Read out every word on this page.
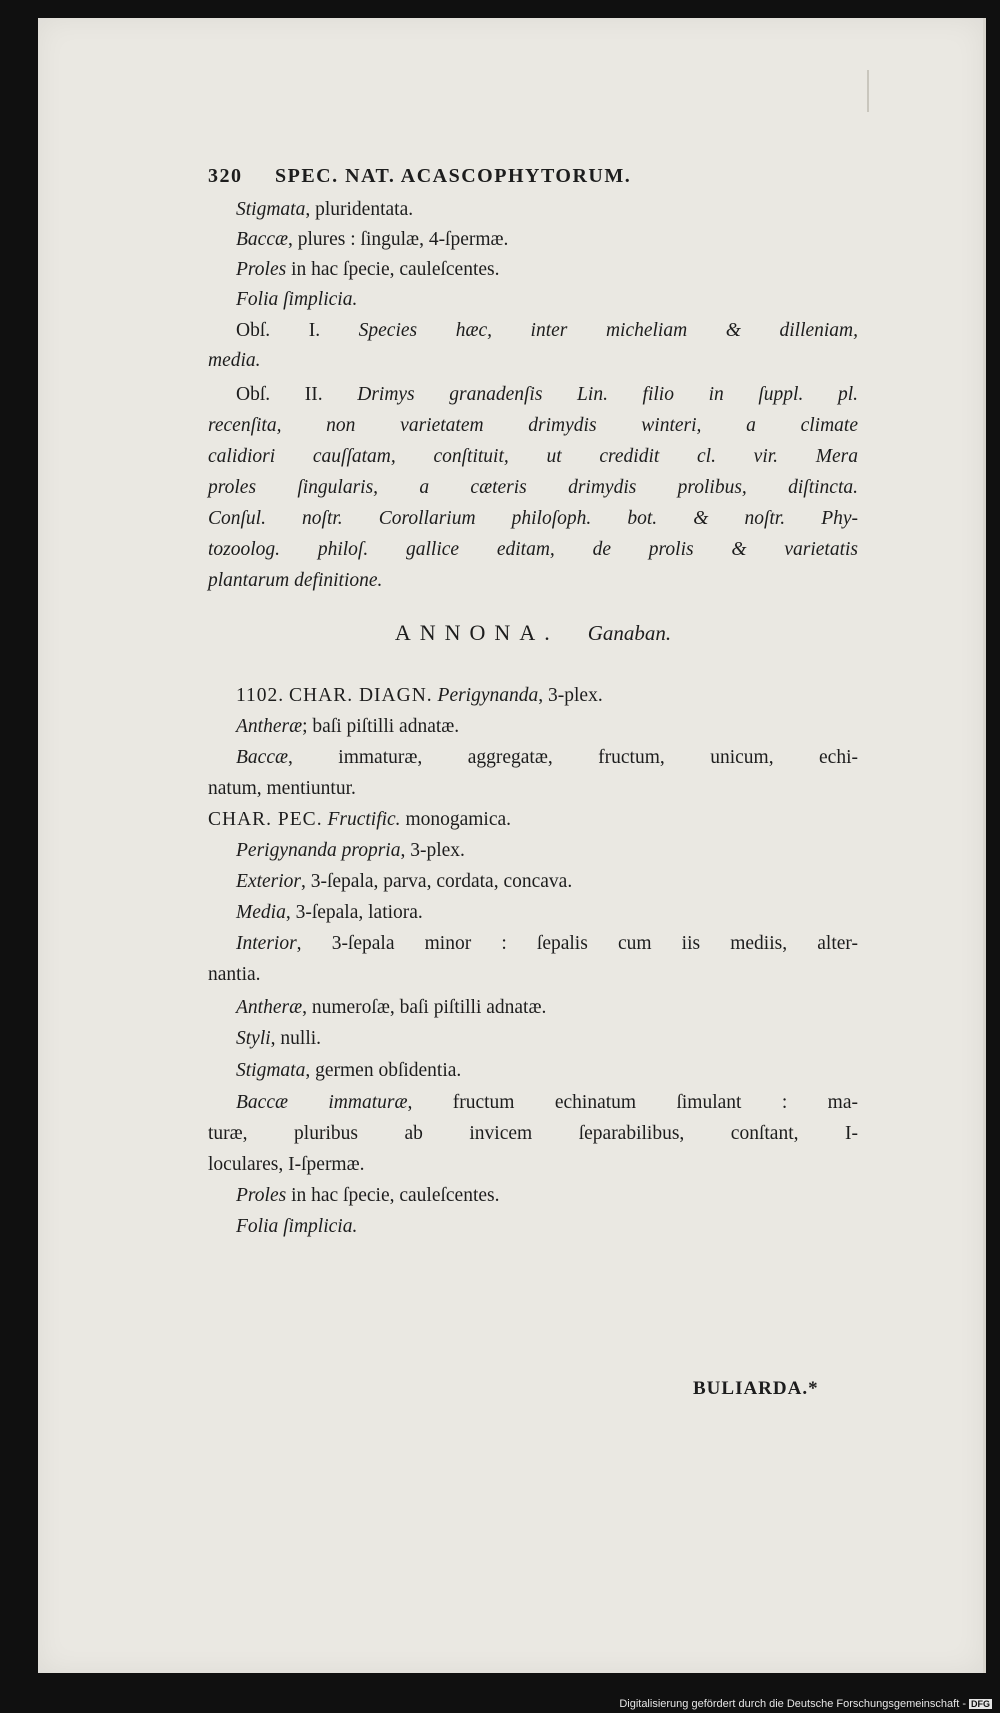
320 SPEC. NAT. ACASCOPHYTORUM.
Stigmata, pluridentata.
Baccæ, plures : ſingulæ, 4-ſpermæ.
Proles in hac ſpecie, cauleſcentes.
Folia ſimplicia.
Obſ. I. Species hæc, inter micheliam & dilleniam,
media.
Obſ. II. Drimys granadenſis Lin. filio in ſuppl. pl.
recenſita, non varietatem drimydis winteri, a climate
calidiori cauſſatam, conſtituit, ut credidit cl. vir. Mera
proles ſingularis, a cæteris drimydis prolibus, diſtincta.
Conſul. noſtr. Corollarium philoſoph. bot. & noſtr. Phy-
tozoolog. philoſ. gallice editam, de prolis & varietatis
plantarum definitione.
ANNONA. Ganaban.
1102. CHAR. DIAGN. Perigynanda, 3-plex.
Antheræ; baſi piſtilli adnatæ.
Baccæ, immaturæ, aggregatæ, fructum, unicum, echi-
natum, mentiuntur.
CHAR. PEC. Fructific. monogamica.
Perigynanda propria, 3-plex.
Exterior, 3-ſepala, parva, cordata, concava.
Media, 3-ſepala, latiora.
Interior, 3-ſepala minor : ſepalis cum iis mediis, alter-
nantia.
Antheræ, numeroſæ, baſi piſtilli adnatæ.
Styli, nulli.
Stigmata, germen obſidentia.
Baccæ immaturæ, fructum echinatum ſimulant : ma-
turæ, pluribus ab invicem ſeparabilibus, conſtant, I-
loculares, I-ſpermæ.
Proles in hac ſpecie, cauleſcentes.
Folia ſimplicia.
BULIARDA.*
Digitalisierung gefördert durch die Deutsche Forschungsgemeinschaft - DFG
